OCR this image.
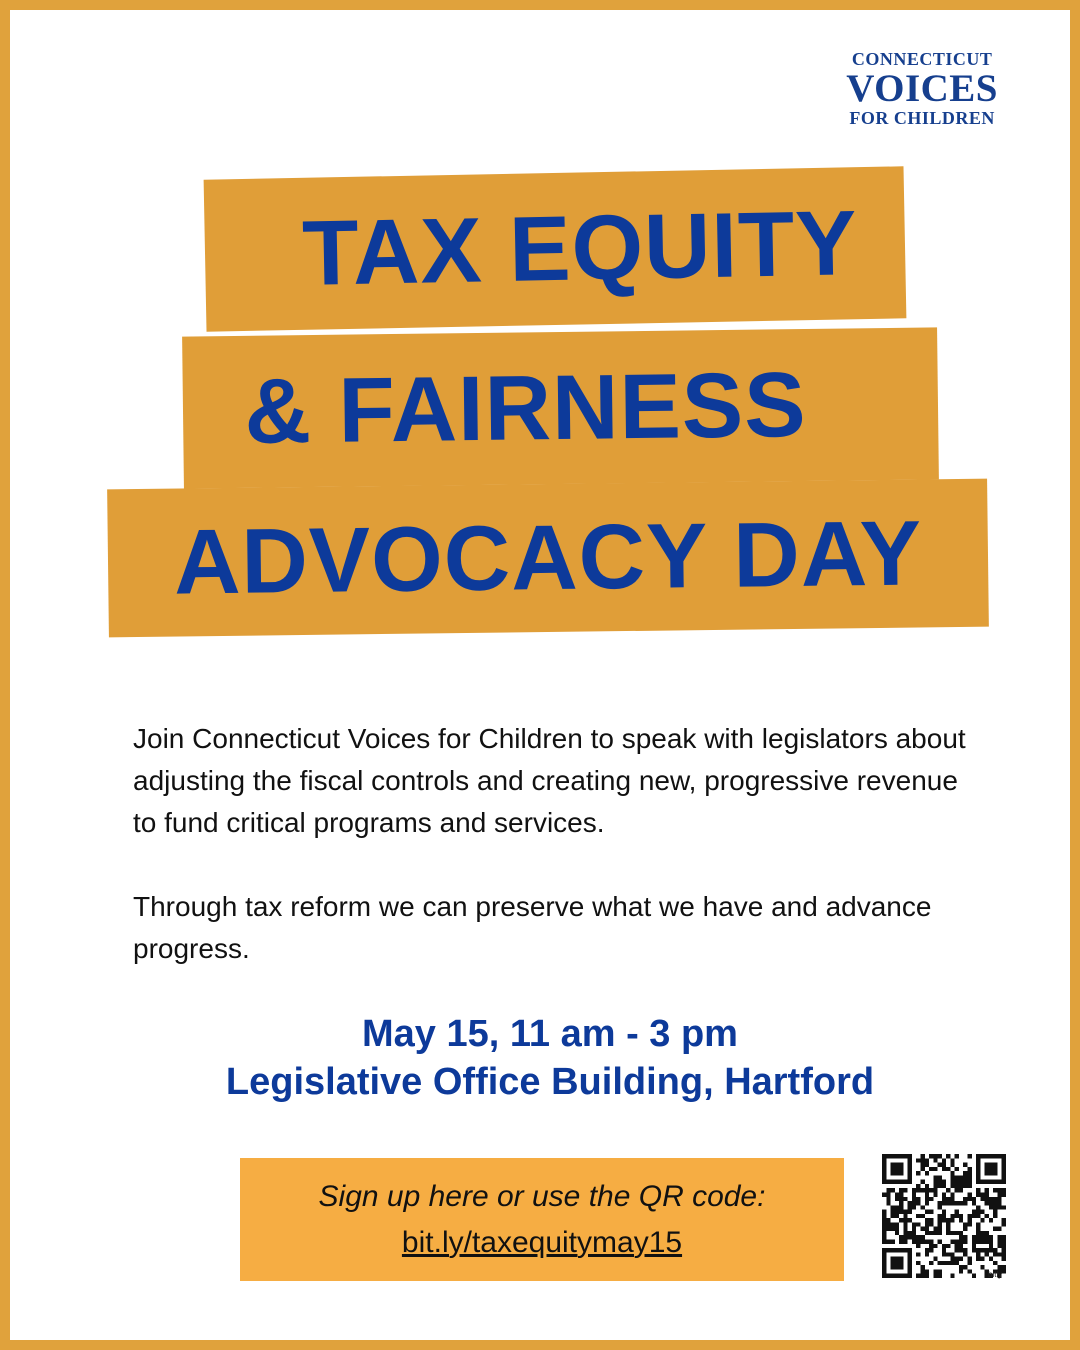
CONNECTICUT
VOICES
FOR CHILDREN
TAX EQUITY
& FAIRNESS
ADVOCACY DAY

Join Connecticut Voices for Children to speak with legislators about adjusting the fiscal controls and creating new, progressive revenue to fund critical programs and services.

Through tax reform we can preserve what we have and advance progress.

May 15, 11 am - 3 pm
Legislative Office Building, Hartford
Sign up here or use the QR code:
bit.ly/taxequitymay15
bitly
